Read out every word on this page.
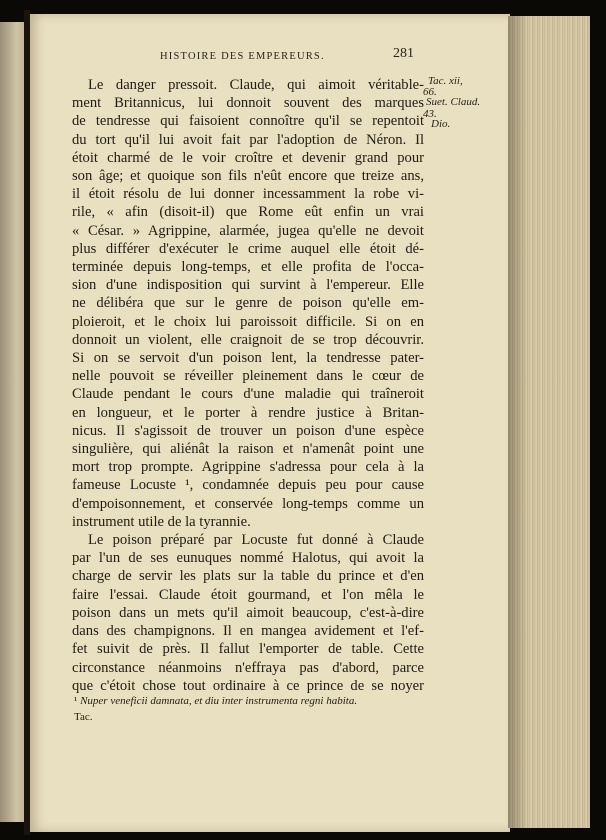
HISTOIRE DES EMPEREURS.	281
Tac. xii,
66.
Suet. Claud.
43.
Dio.
Le danger pressoit. Claude, qui aimoit véritable-
ment Britannicus, lui donnoit souvent des marques
de tendresse qui faisoient connoître qu'il se repentoit
du tort qu'il lui avoit fait par l'adoption de Néron. Il
étoit charmé de le voir croître et devenir grand pour
son âge; et quoique son fils n'eût encore que treize ans,
il étoit résolu de lui donner incessamment la robe vi-
rile, « afin (disoit-il) que Rome eût enfin un vrai
« César. » Agrippine, alarmée, jugea qu'elle ne devoit
plus différer d'exécuter le crime auquel elle étoit dé-
terminée depuis long-temps, et elle profita de l'occa-
sion d'une indisposition qui survint à l'empereur. Elle
ne délibéra que sur le genre de poison qu'elle em-
ploieroit, et le choix lui paroissoit difficile. Si on en
donnoit un violent, elle craignoit de se trop découvrir.
Si on se servoit d'un poison lent, la tendresse pater-
nelle pouvoit se réveiller pleinement dans le cœur de
Claude pendant le cours d'une maladie qui traîneroit
en longueur, et le porter à rendre justice à Britan-
nicus. Il s'agissoit de trouver un poison d'une espèce
singulière, qui aliénât la raison et n'amenât point une
mort trop prompte. Agrippine s'adressa pour cela à la
fameuse Locuste ¹, condamnée depuis peu pour cause
d'empoisonnement, et conservée long-temps comme un
instrument utile de la tyrannie.
Le poison préparé par Locuste fut donné à Claude
par l'un de ses eunuques nommé Halotus, qui avoit la
charge de servir les plats sur la table du prince et d'en
faire l'essai. Claude étoit gourmand, et l'on mêla le
poison dans un mets qu'il aimoit beaucoup, c'est-à-dire
dans des champignons. Il en mangea avidement et l'ef-
fet suivit de près. Il fallut l'emporter de table. Cette
circonstance néanmoins n'effraya pas d'abord, parce
que c'étoit chose tout ordinaire à ce prince de se noyer
¹ Nuper veneficii damnata, et diu inter instrumenta regni habita.
Tac.
